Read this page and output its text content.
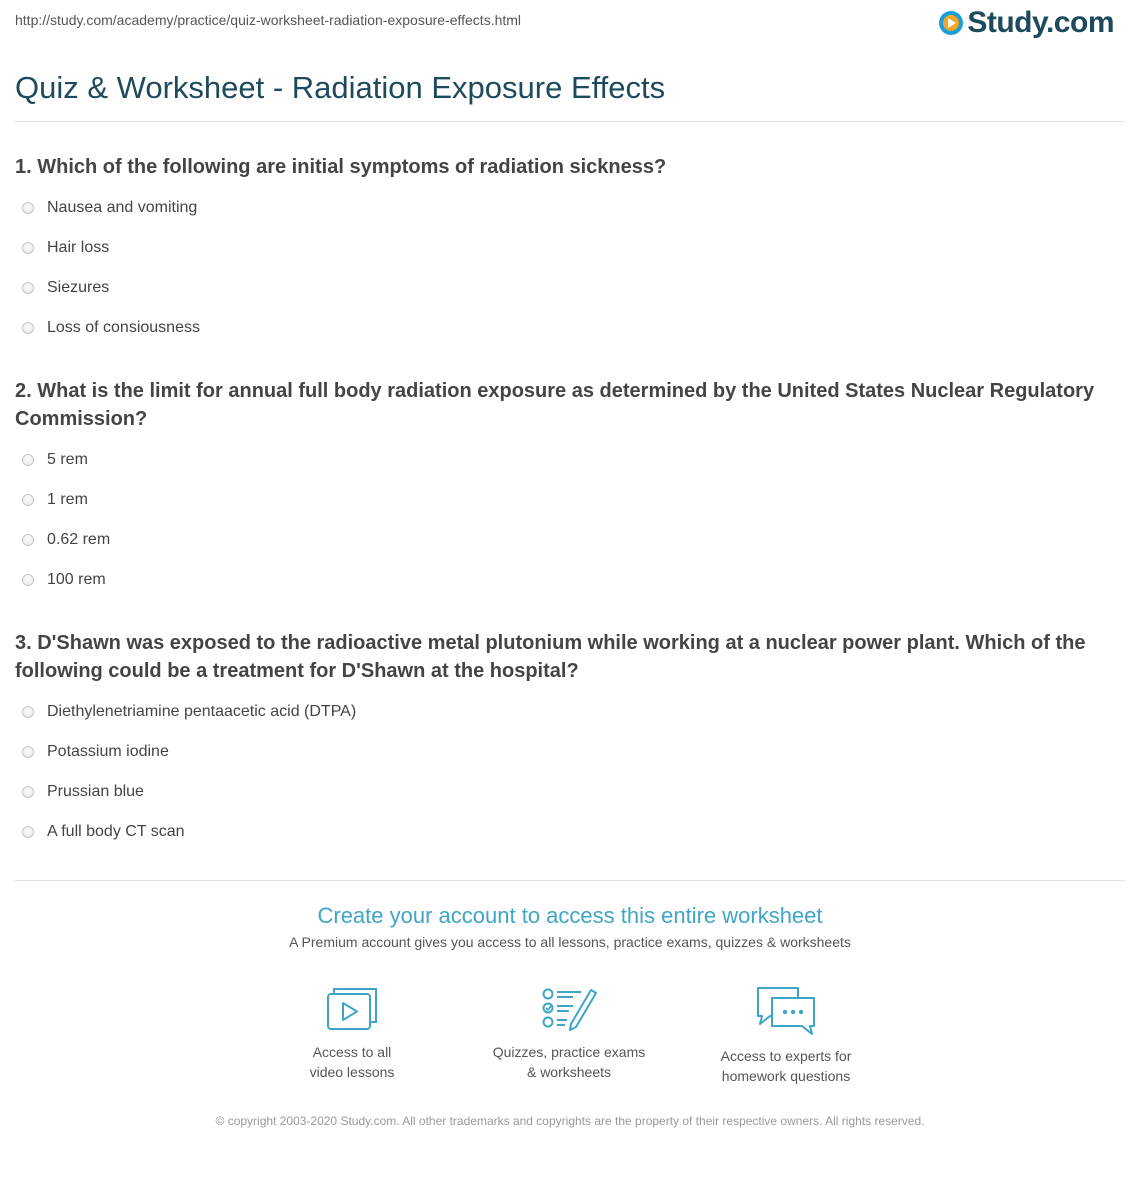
http://study.com/academy/practice/quiz-worksheet-radiation-exposure-effects.html	Study.com
Quiz & Worksheet - Radiation Exposure Effects
1. Which of the following are initial symptoms of radiation sickness?
Nausea and vomiting
Hair loss
Siezures
Loss of consiousness
2. What is the limit for annual full body radiation exposure as determined by the United States Nuclear Regulatory Commission?
5 rem
1 rem
0.62 rem
100 rem
3. D'Shawn was exposed to the radioactive metal plutonium while working at a nuclear power plant. Which of the following could be a treatment for D'Shawn at the hospital?
Diethylenetriamine pentaacetic acid (DTPA)
Potassium iodine
Prussian blue
A full body CT scan
Create your account to access this entire worksheet
A Premium account gives you access to all lessons, practice exams, quizzes & worksheets
Access to all
video lessons
Quizzes, practice exams
& worksheets
Access to experts for
homework questions
© copyright 2003-2020 Study.com. All other trademarks and copyrights are the property of their respective owners. All rights reserved.
